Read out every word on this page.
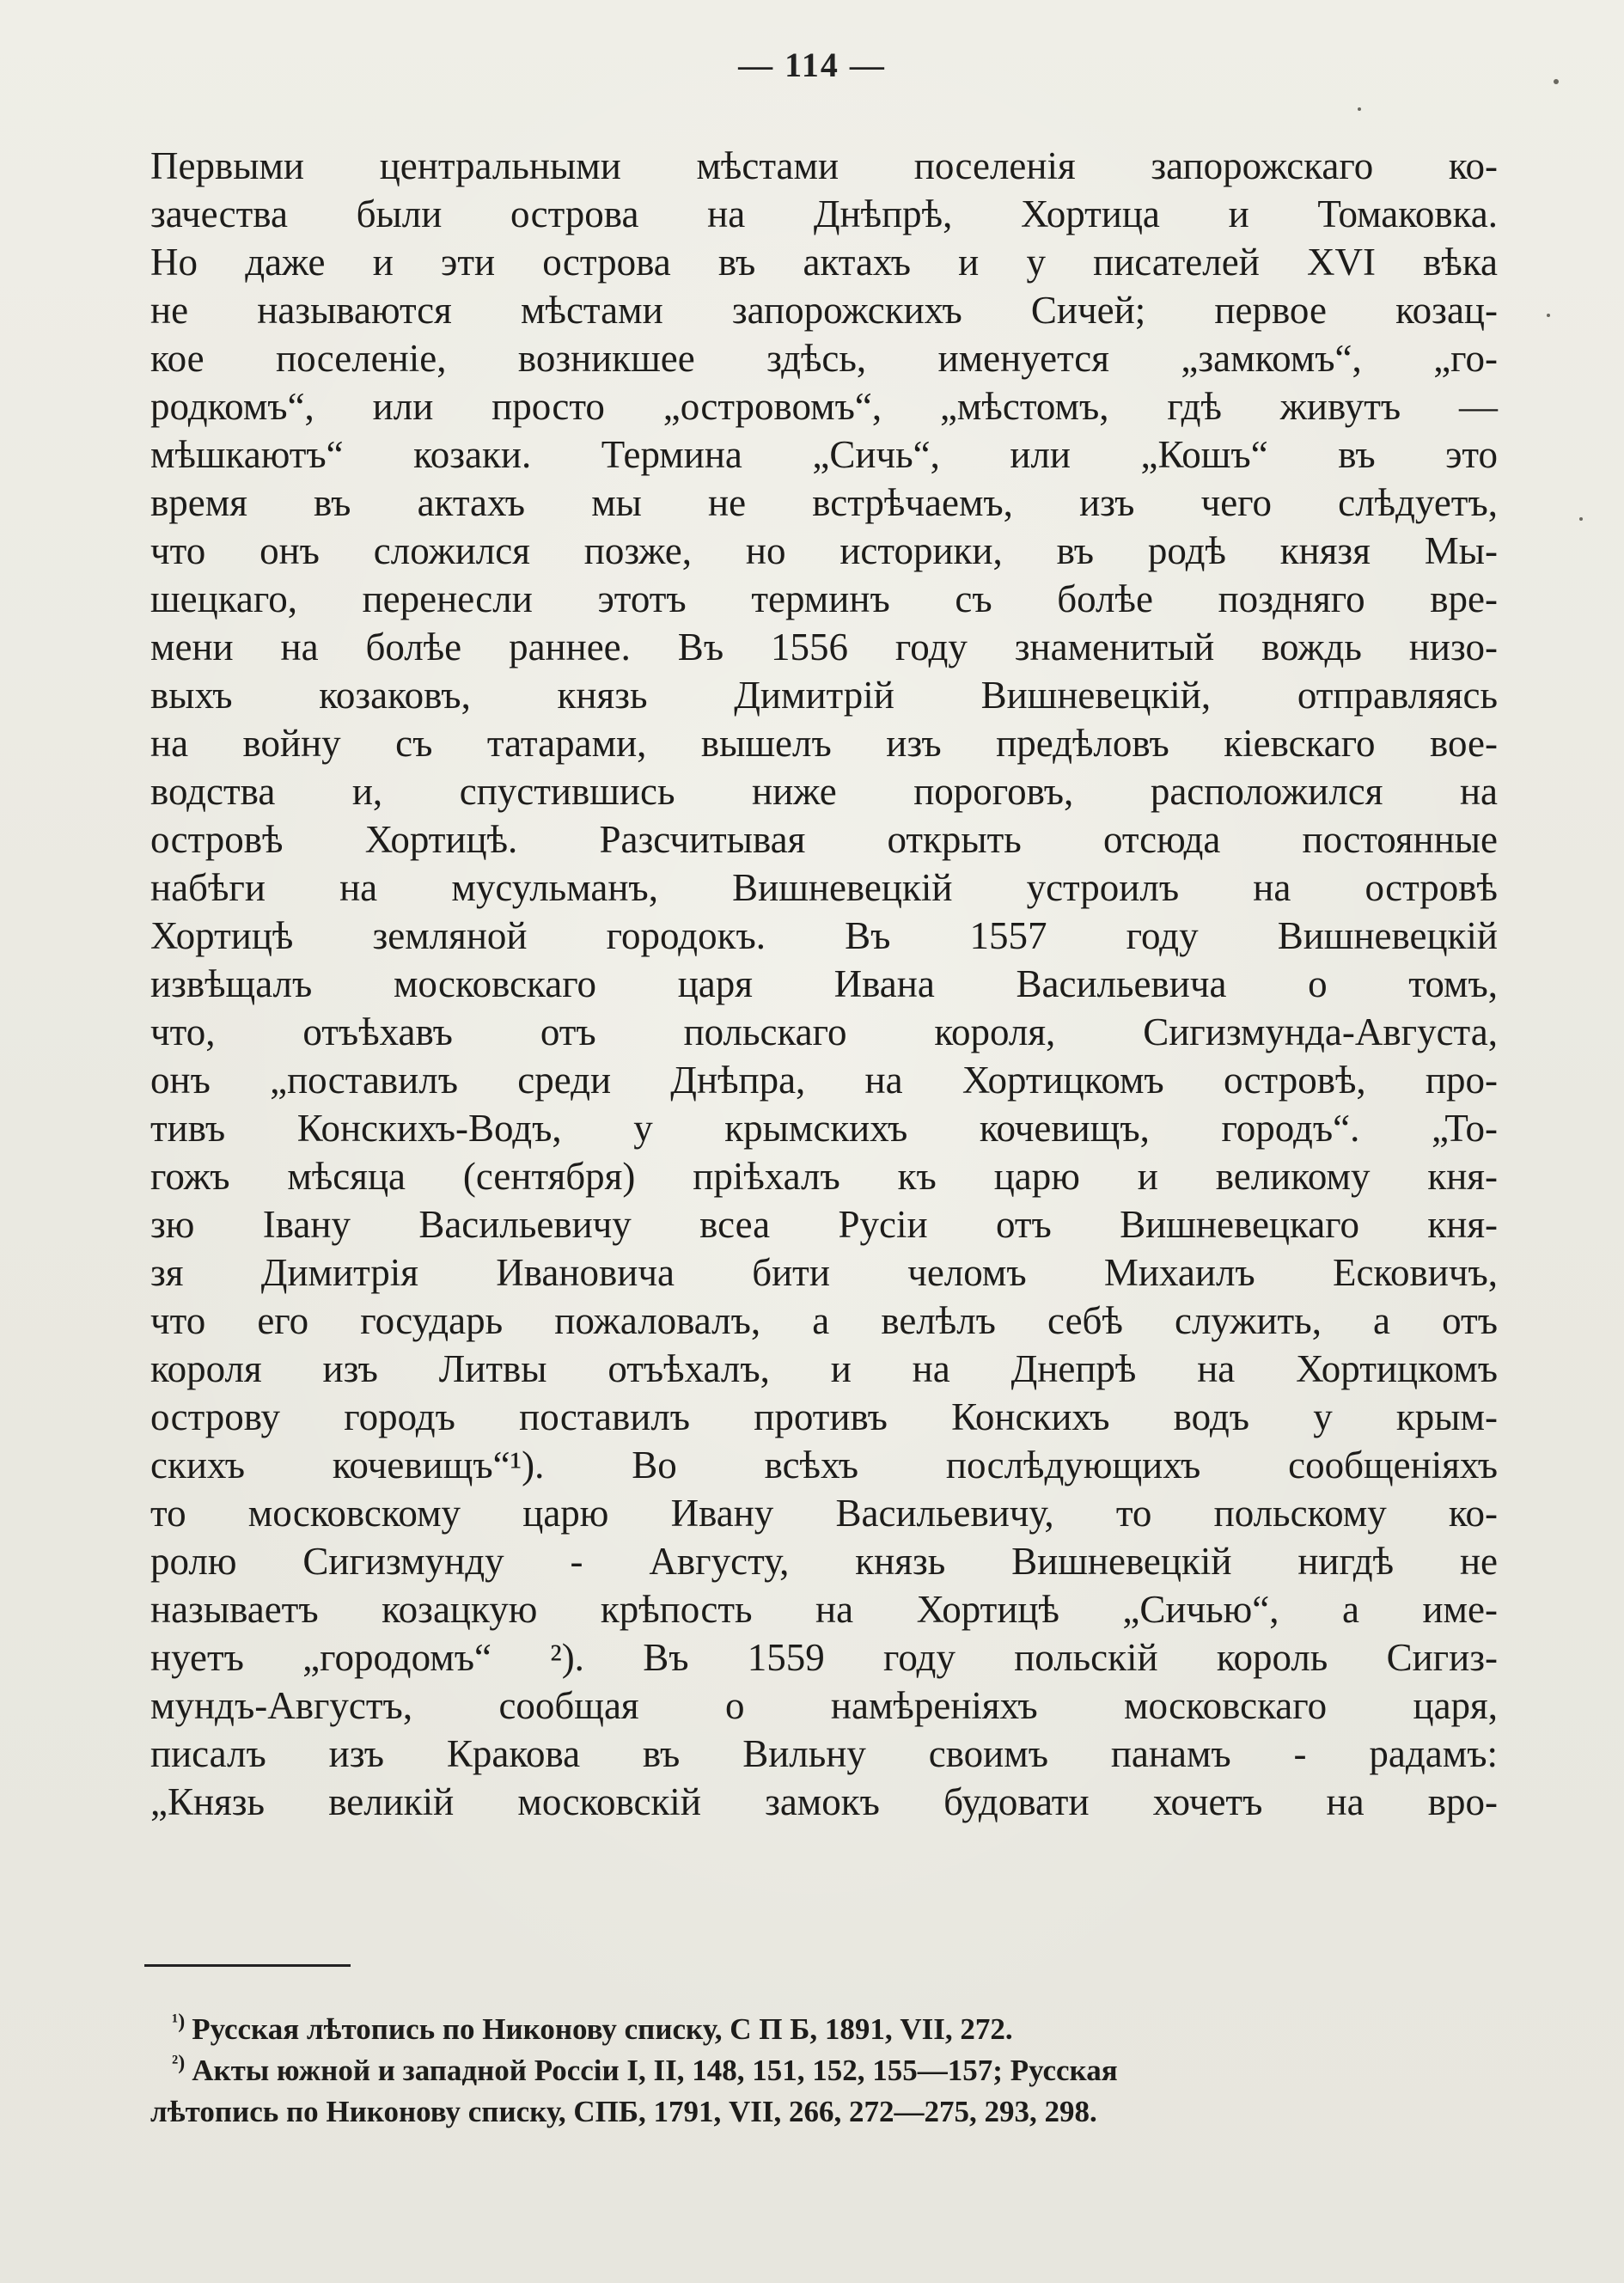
— 114 —
Первыми центральными мѣстами поселенія запорожскаго ко-
зачества были острова на Днѣпрѣ, Хортица и Томаковка.
Но даже и эти острова въ актахъ и у писателей XVI вѣка
не называются мѣстами запорожскихъ Сичей; первое козац-
кое поселеніе, возникшее здѣсь, именуется „замкомъ“, „го-
родкомъ“, или просто „островомъ“, „мѣстомъ, гдѣ живутъ —
мѣшкаютъ“ козаки. Термина „Сичь“, или „Кошъ“ въ это
время въ актахъ мы не встрѣчаемъ, изъ чего слѣдуетъ,
что онъ сложился позже, но историки, въ родѣ князя Мы-
шецкаго, перенесли этотъ терминъ съ болѣе поздняго вре-
мени на болѣе раннее. Въ 1556 году знаменитый вождь низо-
выхъ козаковъ, князь Димитрій Вишневецкій, отправляясь
на войну съ татарами, вышелъ изъ предѣловъ кіевскаго вое-
водства и, спустившись ниже пороговъ, расположился на
островѣ Хортицѣ. Разсчитывая открыть отсюда постоянные
набѣги на мусульманъ, Вишневецкій устроилъ на островѣ
Хортицѣ земляной городокъ. Въ 1557 году Вишневецкій
извѣщалъ московскаго царя Ивана Васильевича о томъ,
что, отъѣхавъ отъ польскаго короля, Сигизмунда-Августа,
онъ „поставилъ среди Днѣпра, на Хортицкомъ островѣ, про-
тивъ Конскихъ-Водъ, у крымскихъ кочевищъ, городъ“. „То-
гожъ мѣсяца (сентября) пріѣхалъ къ царю и великому кня-
зю Івану Васильевичу всеа Русіи отъ Вишневецкаго кня-
зя Димитрія Ивановича бити челомъ Михаилъ Есковичъ,
что его государь пожаловалъ, а велѣлъ себѣ служить, а отъ
короля изъ Литвы отъѣхалъ, и на Днепрѣ на Хортицкомъ
острову городъ поставилъ противъ Конскихъ водъ у крым-
скихъ кочевищъ“¹). Во всѣхъ послѣдующихъ сообщеніяхъ
то московскому царю Ивану Васильевичу, то польскому ко-
ролю Сигизмунду - Августу, князь Вишневецкій нигдѣ не
называетъ козацкую крѣпость на Хортицѣ „Сичью“, а име-
нуетъ „городомъ“ ²). Въ 1559 году польскій король Сигиз-
мундъ-Августъ, сообщая о намѣреніяхъ московскаго царя,
писалъ изъ Кракова въ Вильну своимъ панамъ - радамъ:
„Князь великій московскій замокъ будовати хочетъ на вро-
$^{^1)}$ Русская лѣтопись по Никонову списку, С П Б, 1891, VII, 272.
$^{^2)}$ Акты южной и западной Россіи I, II, 148, 151, 152, 155—157; Русская
лѣтопись по Никонову списку, СПБ, 1791, VII, 266, 272—275, 293, 298.
